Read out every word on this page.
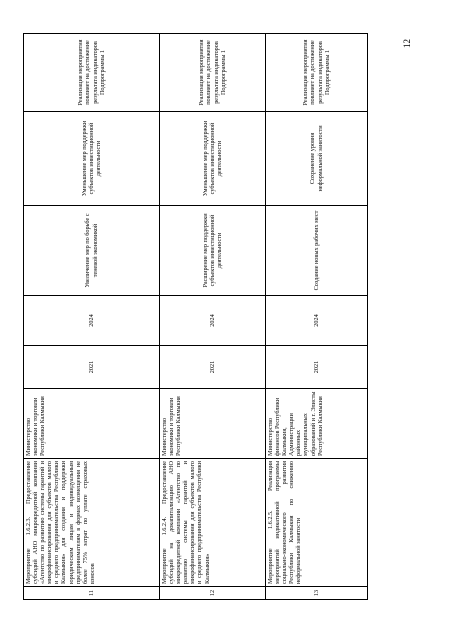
12
11	Мероприятие 1.6.2.3. Предоставление субсидий АНО микрокредитной компании «Агентство по развитию системы гарантий и микрофинансирования для субъектов малого и среднего предпринимательства Республики Калмыкия» для создания и поддержки юридическим лицам и индивидуальным предпринимателям в формах возмещения не более 75% затрат по уплате страховых взносов	Министерство экономики и торговли Республики Калмыкия	2021	2024	Увеличение мер по борьбе с теневой экономикой	Уменьшение мер поддержки субъектов инвестиционной деятельности	Реализация мероприятия повлияет на достижение результата индикаторов Подпрограммы 1
12	Мероприятие 1.6.2.4. Предоставление субсидий на докапитализацию АНО микрокредитной компании «Агентство по развитию системы гарантий и микрофинансирования для субъектов малого и среднего предпринимательства Республики Калмыкия»	Министерство экономики и торговли Республики Калмыкия	2021	2024	Расширение мер поддержки субъектов инвестиционной деятельности	Уменьшение мер поддержки субъектов инвестиционной деятельности	Реализация мероприятия повлияет на достижение результата индикаторов Подпрограммы 1
13	Мероприятие 1.6.2.5. Реализация мероприятий индикативной программы социально-экономического развития Республики Калмыкия по снижению неформальной занятости	Министерство финансов Республики Калмыкия, Администрации районных муниципальных образований и г. Элисты Республики Калмыкия	2021	2024	Создание новых рабочих мест	Сохранение уровня неформальной занятости	Реализация мероприятия повлияет на достижение результата индикаторов Подпрограммы 1
